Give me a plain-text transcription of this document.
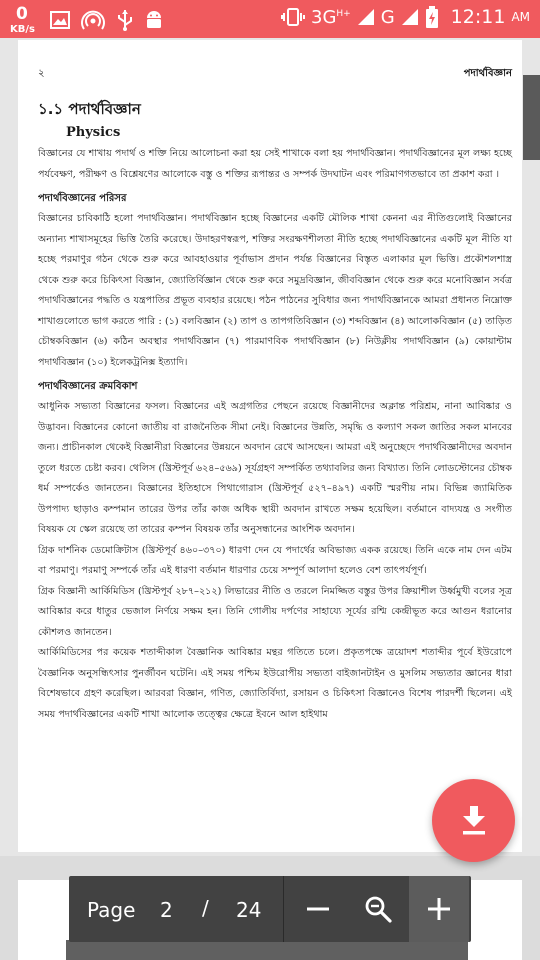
0
KB/s
$3G^{H+}$ G	12:11 AM
২	পদার্থবিজ্ঞান

১.১ পদার্থবিজ্ঞান

Physics

বিজ্ঞানের যে শাখায় পদার্থ ও শক্তি নিয়ে আলোচনা করা হয় সেই শাখাকে বলা হয় পদার্থবিজ্ঞান। পদার্থবিজ্ঞানের মূল লক্ষ্য হচ্ছে পর্যবেক্ষণ, পরীক্ষণ ও বিশ্লেষণের আলোকে বস্তু ও শক্তির রূপান্তর ও সম্পর্ক উদঘাটন এবং পরিমাণগতভাবে তা প্রকাশ করা ।

পদার্থবিজ্ঞানের পরিসর

বিজ্ঞানের চাবিকাঠি হলো পদার্থবিজ্ঞান। পদার্থবিজ্ঞান হচ্ছে বিজ্ঞানের একটি মৌলিক শাখা কেননা এর নীতিগুলোই বিজ্ঞানের অন্যান্য শাখাসমূহের ভিত্তি তৈরি করেছে। উদাহরণস্বরূপ, শক্তির সংরক্ষণশীলতা নীতি হচ্ছে পদার্থবিজ্ঞানের একটি মূল নীতি যা হচ্ছে পরমাণুর গঠন থেকে শুরু করে আবহাওয়ার পূর্বাভাস প্রদান পর্যন্ত বিজ্ঞানের বিস্তৃত এলাকার মূল ভিত্তি। প্রকৌশলশাস্ত্র থেকে শুরু করে চিকিৎসা বিজ্ঞান, জ্যোতির্বিজ্ঞান থেকে শুরু করে সমুদ্রবিজ্ঞান, জীববিজ্ঞান থেকে শুরু করে মনোবিজ্ঞান সর্বত্র পদার্থবিজ্ঞানের পদ্ধতি ও যন্ত্রপাতির প্রভূত ব্যবহার রয়েছে। পঠন পাঠনের সুবিধার জন্য পদার্থবিজ্ঞানকে আমরা প্রধানত নিম্নোক্ত শাখাগুলোতে ভাগ করতে পারি : (১) বলবিজ্ঞান (২) তাপ ও তাপগতিবিজ্ঞান (৩) শব্দবিজ্ঞান (৪) আলোকবিজ্ঞান (৫) তাড়িত চৌম্বকবিজ্ঞান (৬) কঠিন অবস্থার পদার্থবিজ্ঞান (৭) পারমাণবিক পদার্থবিজ্ঞান (৮) নিউক্লীয় পদার্থবিজ্ঞান (৯) কোয়ান্টাম পদার্থবিজ্ঞান (১০) ইলেকট্রনিক্স ইত্যাদি।

পদার্থবিজ্ঞানের ক্রমবিকাশ

আধুনিক সভ্যতা বিজ্ঞানের ফসল। বিজ্ঞানের এই অগ্রগতির পেছনে রয়েছে বিজ্ঞানীদের অক্লান্ত পরিশ্রম, নানা আবিষ্কার ও উদ্ভাবন। বিজ্ঞানের কোনো জাতীয় বা রাজনৈতিক সীমা নেই। বিজ্ঞানের উন্নতি, সমৃদ্ধি ও কল্যাণ সকল জাতির সকল মানবের জন্য। প্রাচীনকাল থেকেই বিজ্ঞানীরা বিজ্ঞানের উন্নয়নে অবদান রেখে আসছেন। আমরা এই অনুচ্ছেদে পদার্থবিজ্ঞানীদের অবদান তুলে ধরতে চেষ্টা করব। থেলিস (খ্রিস্টপূর্ব ৬২৪–৫৬৯) সূর্যগ্রহণ সম্পর্কিত তথ্যাবলির জন্য বিখ্যাত। তিনি লোডস্টোনের চৌম্বক ধর্ম সম্পর্কেও জানতেন। বিজ্ঞানের ইতিহাসে পিথাগোরাস (খ্রিস্টপূর্ব ৫২৭–৪৯৭) একটি স্মরণীয় নাম। বিভিন্ন জ্যামিতিক উপপাদ্য ছাড়াও কম্পমান তারের উপর তাঁর কাজ অধিক স্থায়ী অবদান রাখতে সক্ষম হয়েছিল। বর্তমানে বাদ্যযন্ত্র ও সংগীত বিষয়ক যে স্কেল রয়েছে তা তারের কম্পন বিষয়ক তাঁর অনুসন্ধানের আংশিক অবদান।

গ্রিক দার্শনিক ডেমোক্রিটাস (খ্রিস্টপূর্ব ৪৬০–৩৭০) ধারণা দেন যে পদার্থের অবিভাজ্য একক রয়েছে। তিনি একে নাম দেন এটম বা পরমাণু। পরমাণু সম্পর্কে তাঁর এই ধারণা বর্তমান ধারণার চেয়ে সম্পূর্ণ আলাদা হলেও বেশ তাৎপর্যপূর্ণ।

গ্রিক বিজ্ঞানী আর্কিমিডিস (খ্রিস্টপূর্ব ২৮৭–২১২) লিভারের নীতি ও তরলে নিমজ্জিত বস্তুর উপর ক্রিয়াশীল উর্ধ্বমুখী বলের সূত্র আবিষ্কার করে ধাতুর ভেজাল নির্ণয়ে সক্ষম হন। তিনি গোলীয় দর্পণের সাহায্যে সূর্যের রশ্মি কেন্দ্রীভূত করে আগুন ধরানোর কৌশলও জানতেন।

আর্কিমিডিসের পর কয়েক শতাব্দীকাল বৈজ্ঞানিক আবিষ্কার মন্থর গতিতে চলে। প্রকৃতপক্ষে ত্রয়োদশ শতাব্দীর পূর্বে ইউরোপে বৈজ্ঞানিক অনুসন্ধিৎসার পুনর্জীবন ঘটেনি। এই সময় পশ্চিম ইউরোপীয় সভ্যতা বাইজানটাইন ও মুসলিম সভ্যতার জ্ঞানের ধারা বিশেষভাবে গ্রহণ করেছিল। আরবরা বিজ্ঞান, গণিত, জ্যোতির্বিদ্যা, রসায়ন ও চিকিৎসা বিজ্ঞানেও বিশেষ পারদর্শী ছিলেন। এই সময় পদার্থবিজ্ঞানের একটি শাখা আলোক তত্ত্বের ক্ষেত্রে ইবনে আল হাইথাম

Page 2 / 24
